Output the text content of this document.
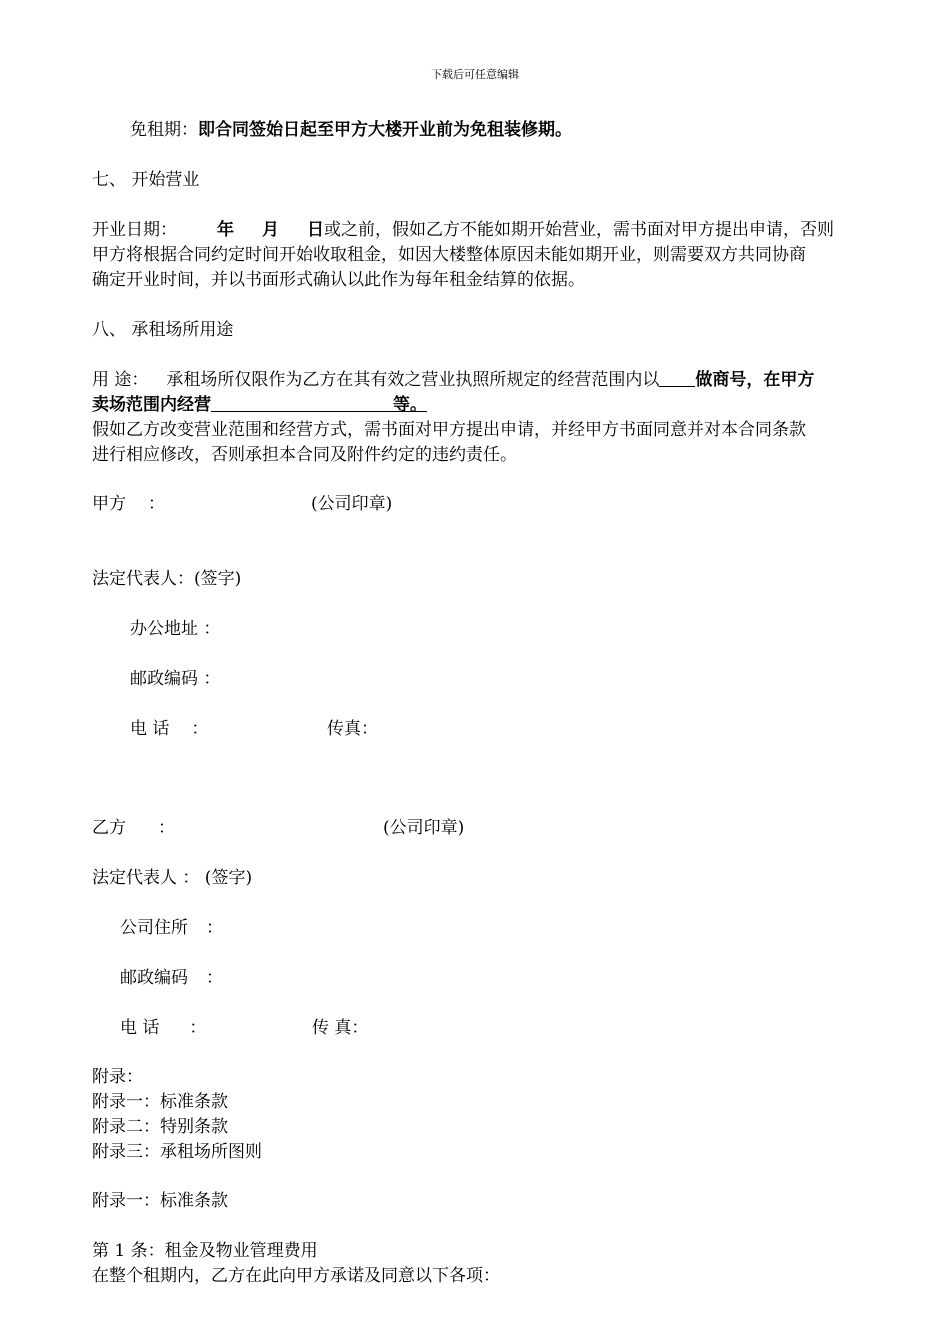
下载后可任意编辑
免租期：即合同签始日起至甲方大楼开业前为免租装修期。
七、 开始营业
开业日期： 年 月 日或之前，假如乙方不能如期开始营业，需书面对甲方提出申请，否则
甲方将根据合同约定时间开始收取租金，如因大楼整体原因未能如期开业，则需要双方共同协商
确定开业时间，并以书面形式确认以此作为每年租金结算的依据。
八、 承租场所用途
用 途： 承租场所仅限作为乙方在其有效之营业执照所规定的经营范围内以 做商号，在甲方
卖场范围内经营	等。
假如乙方改变营业范围和经营方式，需书面对甲方提出申请，并经甲方书面同意并对本合同条款
进行相应修改，否则承担本合同及附件约定的违约责任。
甲方 ：	(公司印章)
法定代表人：(签字)
办公地址 ：
邮政编码 ：
电 话 ：	传真：
乙方 ：	(公司印章)
法定代表人 ： (签字)
公司住所 ：
邮政编码 ：
电 话 ：	传 真：
附录：
附录一：标准条款
附录二：特别条款
附录三：承租场所图则
附录一：标准条款
第 1 条：租金及物业管理费用
在整个租期内，乙方在此向甲方承诺及同意以下各项：
